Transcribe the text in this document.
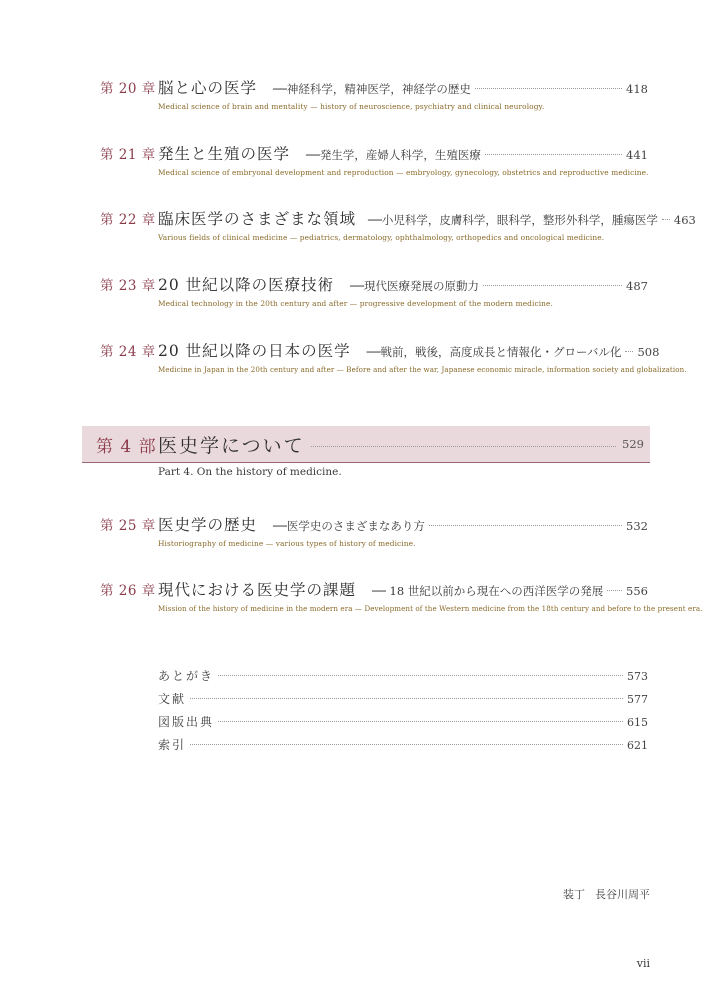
第 20 章 脳と心の医学 ──神経科学，精神医学，神経学の歴史	418
Medical science of brain and mentality — history of neuroscience, psychiatry and clinical neurology.
第 21 章 発生と生殖の医学 ──発生学，産婦人科学，生殖医療	441
Medical science of embryonal development and reproduction — embryology, gynecology, obstetrics and reproductive medicine.
第 22 章 臨床医学のさまざまな領域 ──小児科学，皮膚科学，眼科学，整形外科学，腫瘍医学 463
Various fields of clinical medicine — pediatrics, dermatology, ophthalmology, orthopedics and oncological medicine.
第 23 章 20 世紀以降の医療技術 ──現代医療発展の原動力	487
Medical technology in the 20th century and after — progressive development of the modern medicine.
第 24 章 20 世紀以降の日本の医学 ──戦前，戦後，高度成長と情報化・グローバル化 508
Medicine in Japan in the 20th century and after — Before and after the war, Japanese economic miracle, information society and globalization.
第 4 部 医史学について	529
Part 4. On the history of medicine.
第 25 章 医史学の歴史 ──医学史のさまざまなあり方	532
Historiography of medicine — various types of history of medicine.
第 26 章 現代における医史学の課題 ── 18 世紀以前から現在への西洋医学の発展 556
Mission of the history of medicine in the modern era — Development of the Western medicine from the 18th century and before to the present era.
あとがき	573
文献	577
図版出典	615
索引	621
装丁 長谷川周平
vii
